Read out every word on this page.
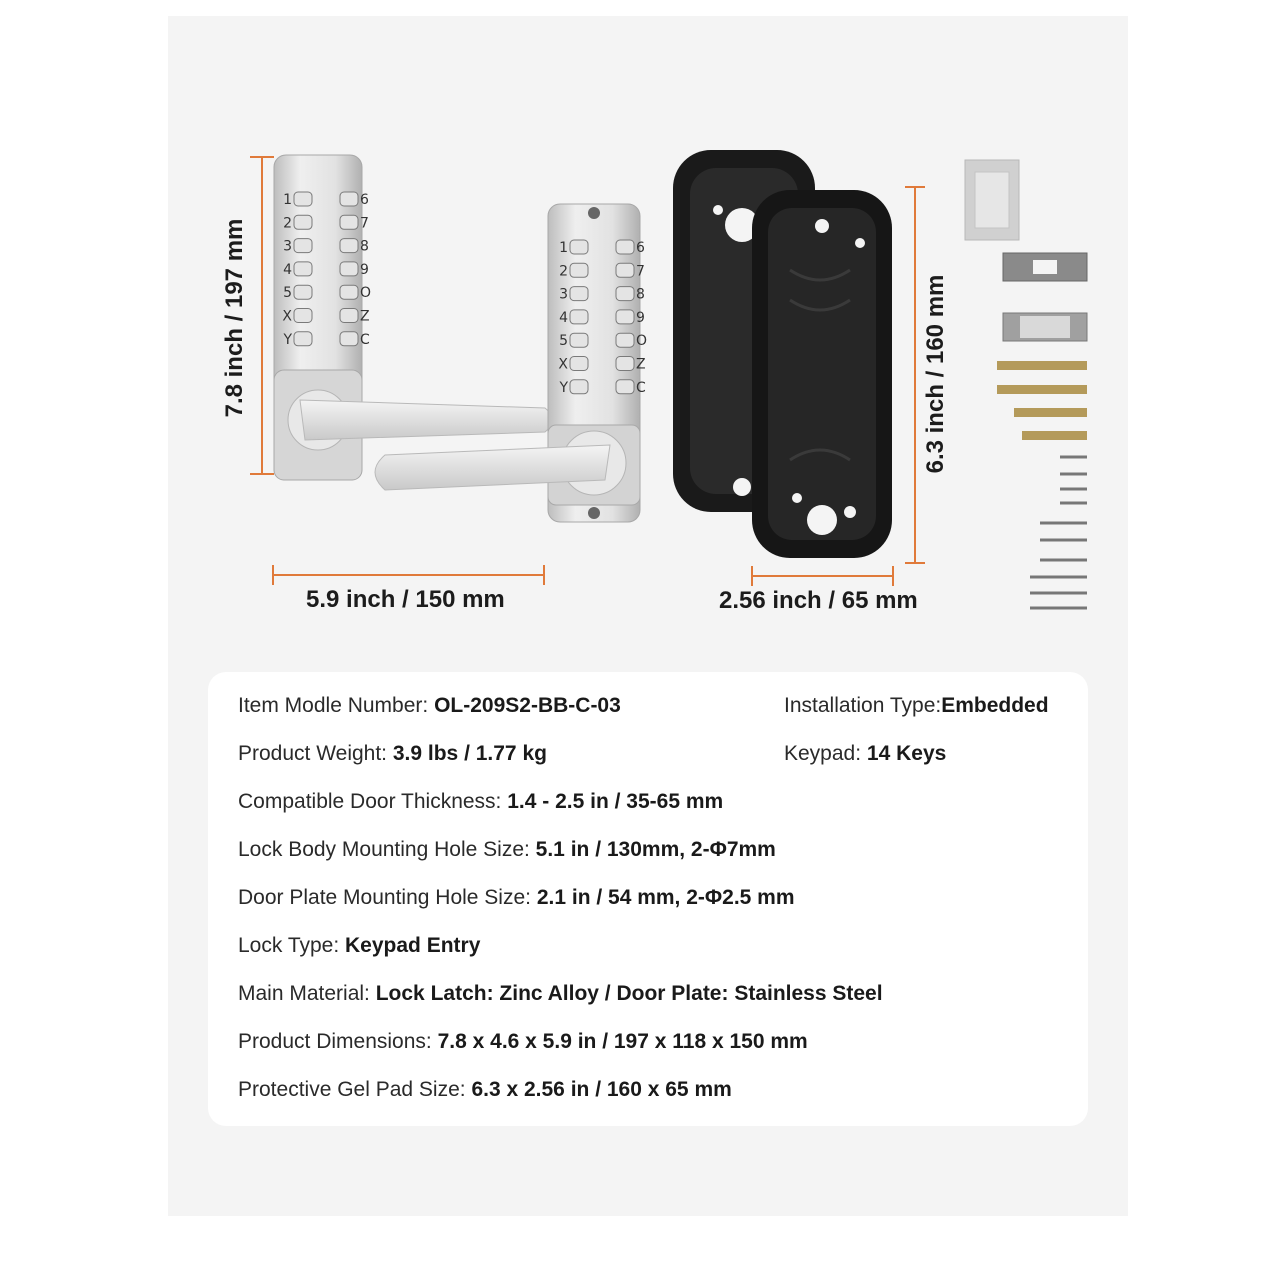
1	6
2	7
3	8
4	9
5	O
X	Z
Y	C
1	6
2	7
3	8
4	9
5	O
X	Z
Y	C
7.8 inch / 197 mm
5.9 inch / 150 mm
6.3 inch / 160 mm
2.56 inch / 65 mm
Item Modle Number: OL-209S2-BB-C-03
Product Weight: 3.9 lbs / 1.77 kg
Compatible Door Thickness: 1.4 - 2.5 in / 35-65 mm
Lock Body Mounting Hole Size: 5.1 in / 130mm, 2-Φ7mm
Door Plate Mounting Hole Size: 2.1 in / 54 mm, 2-Φ2.5 mm
Lock Type: Keypad Entry
Main Material: Lock Latch: Zinc Alloy / Door Plate: Stainless Steel
Product Dimensions: 7.8 x 4.6 x 5.9 in / 197 x 118 x 150 mm
Protective Gel Pad Size: 6.3 x 2.56 in / 160 x 65 mm
Installation Type:Embedded
Keypad: 14 Keys
